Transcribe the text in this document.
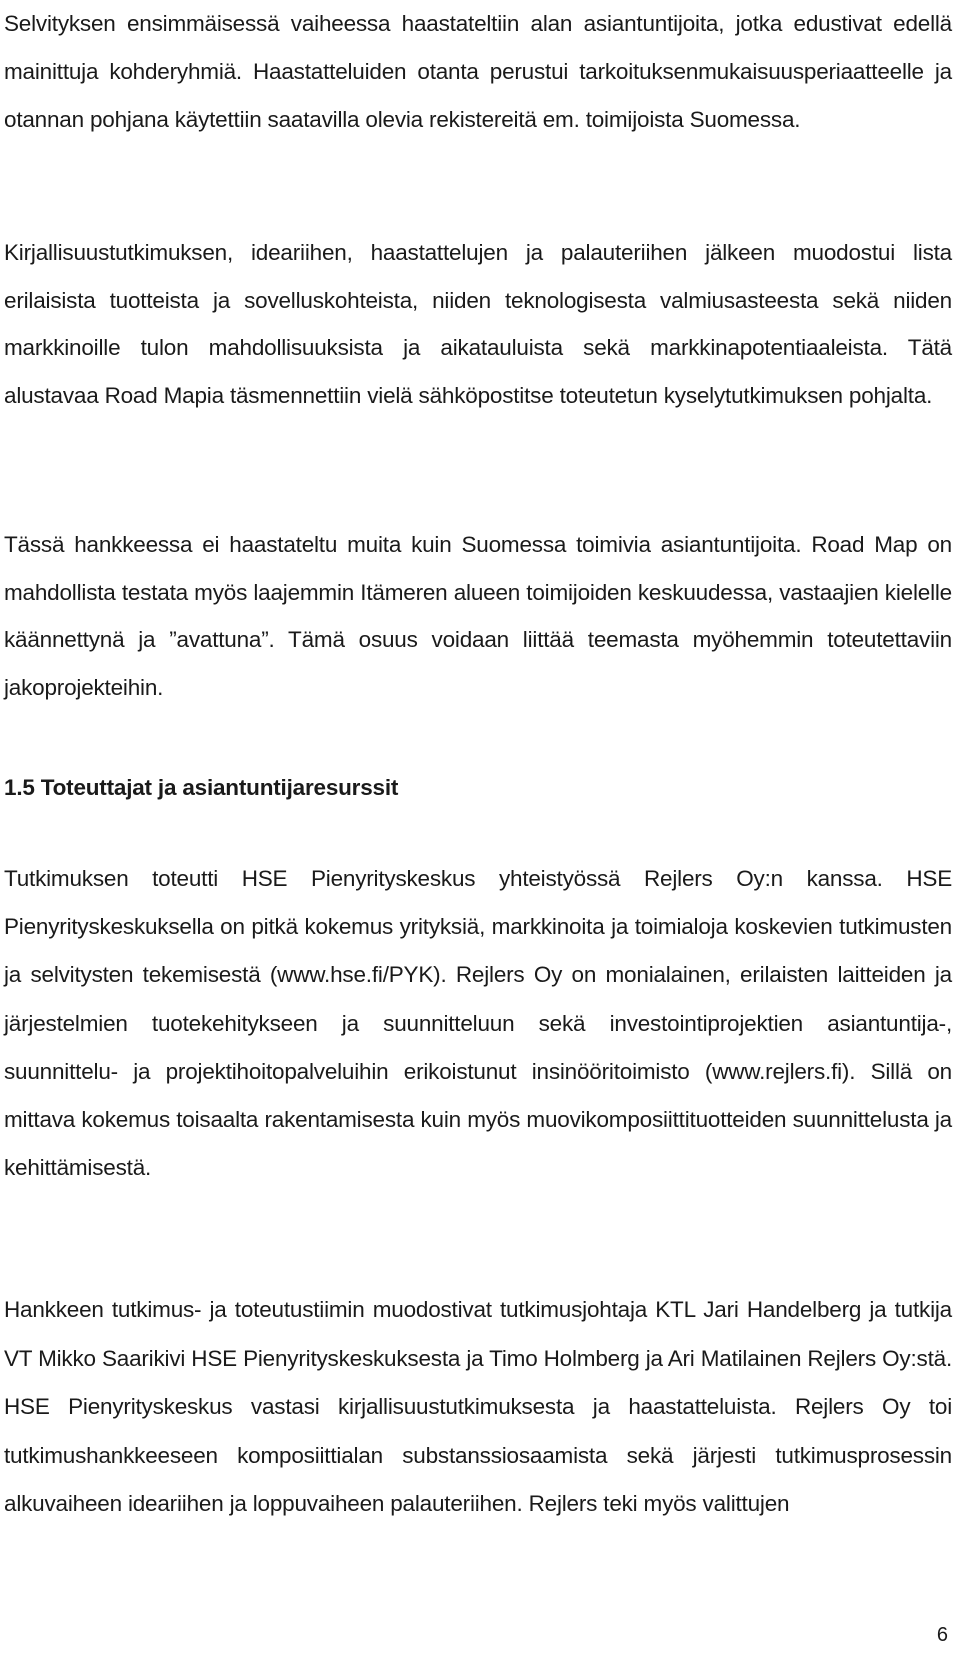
Selvityksen ensimmäisessä vaiheessa haastateltiin alan asiantuntijoita, jotka edustivat edellä mainittuja kohderyhmiä. Haastatteluiden otanta perustui tarkoituksenmukaisuusperiaatteelle ja otannan pohjana käytettiin saatavilla olevia rekistereitä em. toimijoista Suomessa.

Kirjallisuustutkimuksen, ideariihen, haastattelujen ja palauteriihen jälkeen muodostui lista erilaisista tuotteista ja sovelluskohteista, niiden teknologisesta valmiusasteesta sekä niiden markkinoille tulon mahdollisuuksista ja aikatauluista sekä markkinapotentiaaleista. Tätä alustavaa Road Mapia täsmennettiin vielä sähköpostitse toteutetun kyselytutkimuksen pohjalta.

Tässä hankkeessa ei haastateltu muita kuin Suomessa toimivia asiantuntijoita. Road Map on mahdollista testata myös laajemmin Itämeren alueen toimijoiden keskuudessa, vastaajien kielelle käännettynä ja ”avattuna”. Tämä osuus voidaan liittää teemasta myöhemmin toteutettaviin jakoprojekteihin.

1.5 Toteuttajat ja asiantuntijaresurssit

Tutkimuksen toteutti HSE Pienyrityskeskus yhteistyössä Rejlers Oy:n kanssa. HSE Pienyrityskeskuksella on pitkä kokemus yrityksiä, markkinoita ja toimialoja koskevien tutkimusten ja selvitysten tekemisestä (www.hse.fi/PYK). Rejlers Oy on monialainen, erilaisten laitteiden ja järjestelmien tuotekehitykseen ja suunnitteluun sekä investointiprojektien asiantuntija-, suunnittelu- ja projektihoitopalveluihin erikoistunut insinööritoimisto (www.rejlers.fi). Sillä on mittava kokemus toisaalta rakentamisesta kuin myös muovikomposiittituotteiden suunnittelusta ja kehittämisestä.

Hankkeen tutkimus- ja toteutustiimin muodostivat tutkimusjohtaja KTL Jari Handelberg ja tutkija VT Mikko Saarikivi HSE Pienyrityskeskuksesta ja Timo Holmberg ja Ari Matilainen Rejlers Oy:stä. HSE Pienyrityskeskus vastasi kirjallisuustutkimuksesta ja haastatteluista. Rejlers Oy toi tutkimushankkeeseen komposiittialan substanssiosaamista sekä järjesti tutkimusprosessin alkuvaiheen ideariihen ja loppuvaiheen palauteriihen. Rejlers teki myös valittujen

6
